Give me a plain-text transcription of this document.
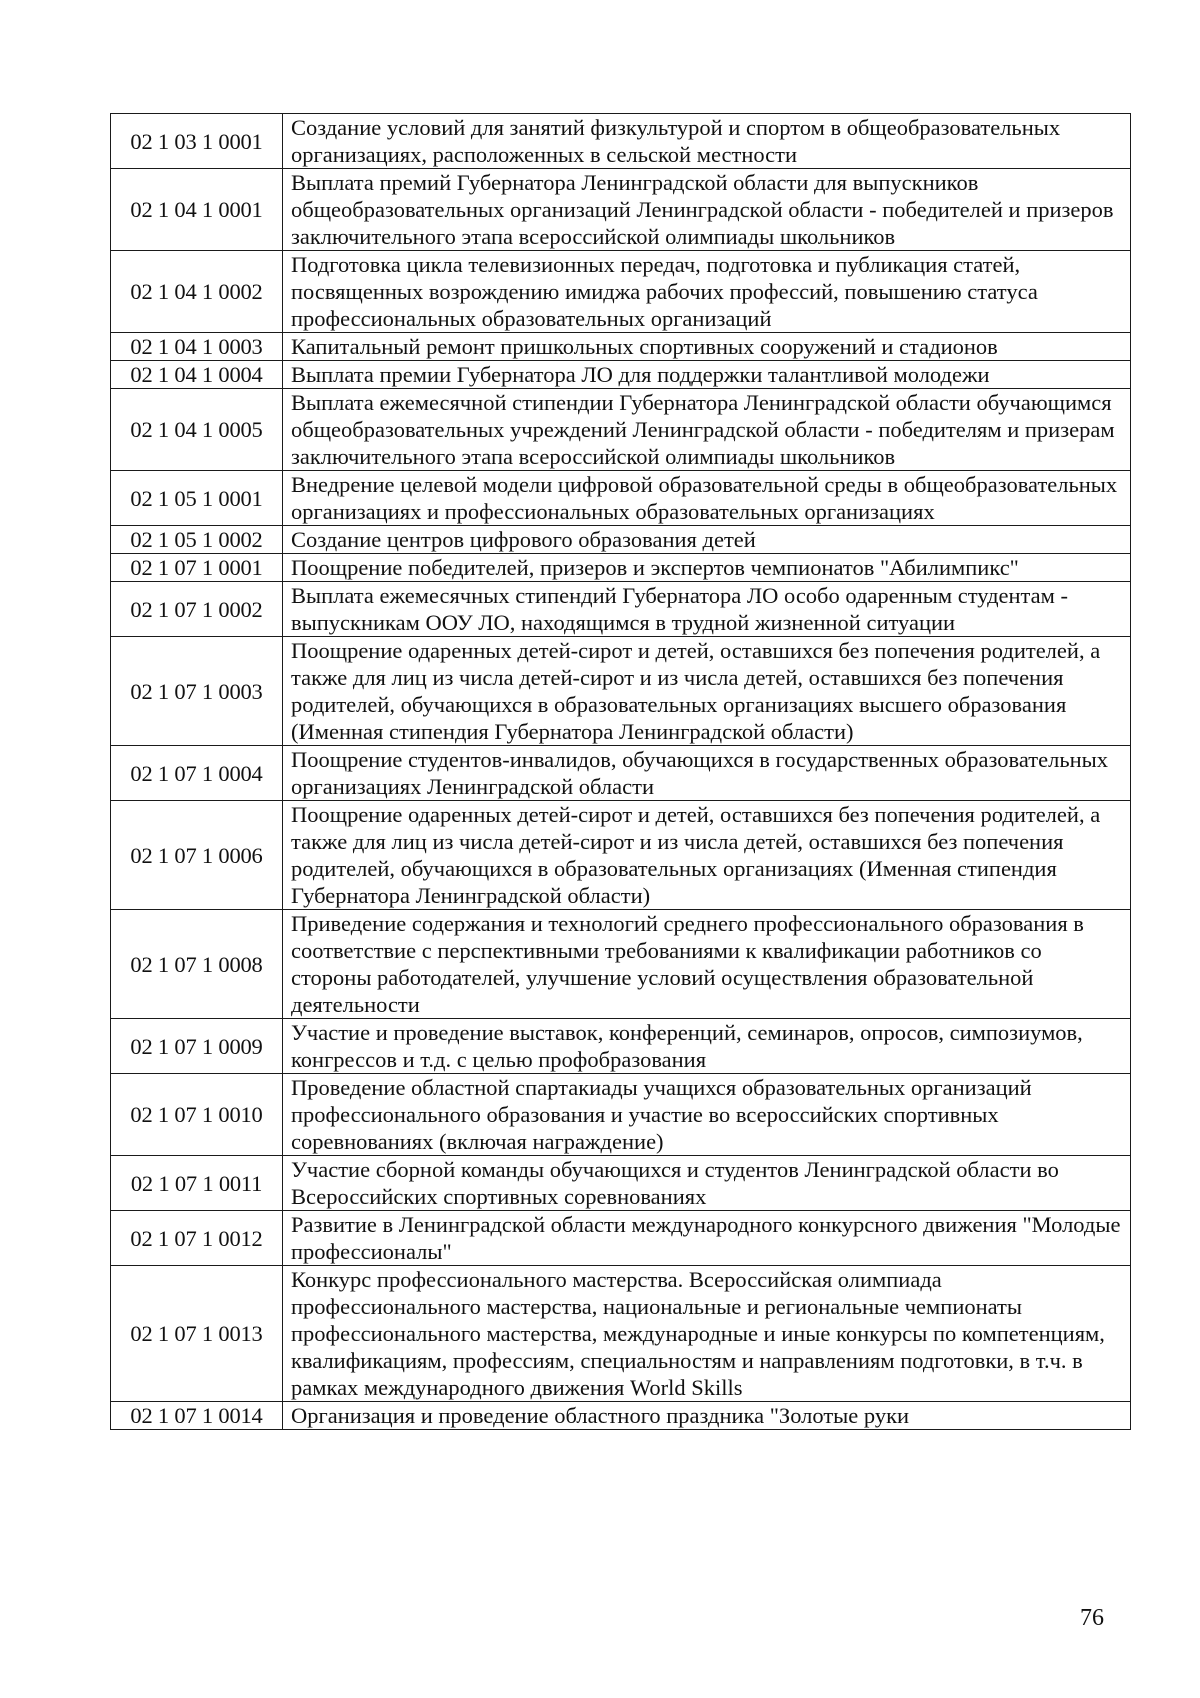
02 1 03 1 0001	Создание условий для занятий физкультурой и спортом в общеобразовательных организациях, расположенных в сельской местности
02 1 04 1 0001	Выплата премий Губернатора Ленинградской области для выпускников общеобразовательных организаций Ленинградской области - победителей и призеров заключительного этапа всероссийской олимпиады школьников
02 1 04 1 0002	Подготовка цикла телевизионных передач, подготовка и публикация статей, посвященных возрождению имиджа рабочих профессий, повышению статуса профессиональных образовательных организаций
02 1 04 1 0003	Капитальный ремонт пришкольных спортивных сооружений и стадионов
02 1 04 1 0004	Выплата премии Губернатора ЛО для поддержки талантливой молодежи
02 1 04 1 0005	Выплата ежемесячной стипендии Губернатора Ленинградской области обучающимся общеобразовательных учреждений Ленинградской области - победителям и призерам заключительного этапа всероссийской олимпиады школьников
02 1 05 1 0001	Внедрение целевой модели цифровой образовательной среды в общеобразовательных организациях и профессиональных образовательных организациях
02 1 05 1 0002	Создание центров цифрового образования детей
02 1 07 1 0001	Поощрение победителей, призеров и экспертов чемпионатов "Абилимпикс"
02 1 07 1 0002	Выплата ежемесячных стипендий Губернатора ЛО особо одаренным студентам - выпускникам ООУ ЛО, находящимся в трудной жизненной ситуации
02 1 07 1 0003	Поощрение одаренных детей-сирот и детей, оставшихся без попечения родителей, а также для лиц из числа детей-сирот и из числа детей, оставшихся без попечения родителей, обучающихся в образовательных организациях высшего образования (Именная стипендия Губернатора Ленинградской области)
02 1 07 1 0004	Поощрение студентов-инвалидов, обучающихся в государственных образовательных организациях Ленинградской области
02 1 07 1 0006	Поощрение одаренных детей-сирот и детей, оставшихся без попечения родителей, а также для лиц из числа детей-сирот и из числа детей, оставшихся без попечения родителей, обучающихся в образовательных организациях (Именная стипендия Губернатора Ленинградской области)
02 1 07 1 0008	Приведение содержания и технологий среднего профессионального образования в соответствие с перспективными требованиями к квалификации работников со стороны работодателей, улучшение условий осуществления образовательной деятельности
02 1 07 1 0009	Участие и проведение выставок, конференций, семинаров, опросов, симпозиумов, конгрессов и т.д. с целью профобразования
02 1 07 1 0010	Проведение областной спартакиады учащихся образовательных организаций профессионального образования и участие во всероссийских спортивных соревнованиях (включая награждение)
02 1 07 1 0011	Участие сборной команды обучающихся и студентов Ленинградской области во Всероссийских спортивных соревнованиях
02 1 07 1 0012	Развитие в Ленинградской области международного конкурсного движения "Молодые профессионалы"
02 1 07 1 0013	Конкурс профессионального мастерства. Всероссийская олимпиада профессионального мастерства, национальные и региональные чемпионаты профессионального мастерства, международные и иные конкурсы по компетенциям, квалификациям, профессиям, специальностям и направлениям подготовки, в т.ч. в рамках международного движения World Skills
02 1 07 1 0014	Организация и проведение областного праздника "Золотые руки
76
